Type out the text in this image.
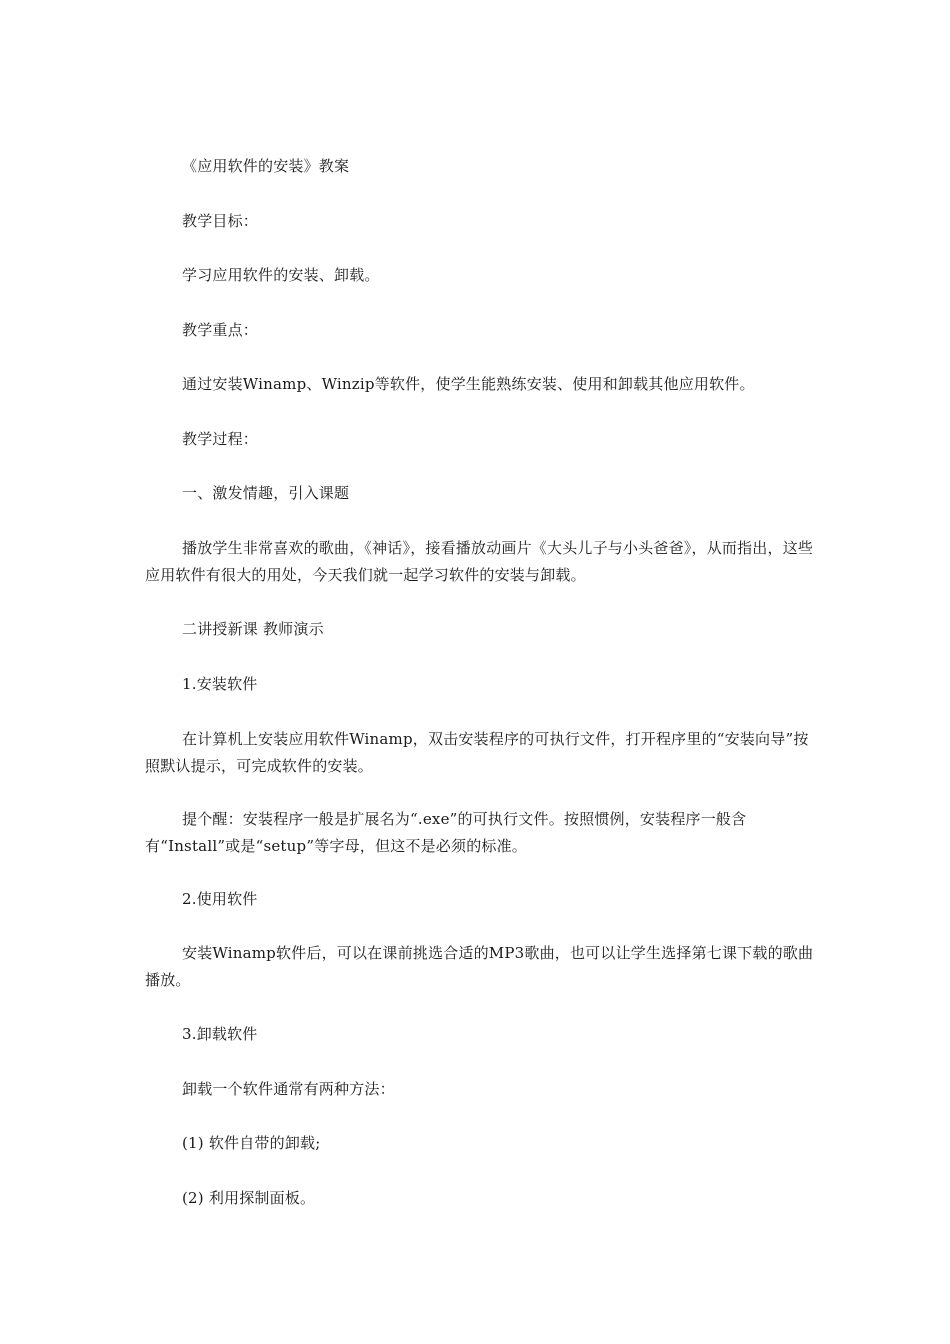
《应用软件的安装》教案

教学目标：

学习应用软件的安装、卸载。

教学重点：

通过安装Winamp、Winzip等软件，使学生能熟练安装、使用和卸载其他应用软件。

教学过程：

一、激发情趣，引入课题

播放学生非常喜欢的歌曲，《神话》，接看播放动画片《大头儿子与小头爸爸》，从而指出，这些应用软件有很大的用处，今天我们就一起学习软件的安装与卸载。

二讲授新课 教师演示

1.安装软件

在计算机上安装应用软件Winamp，双击安装程序的可执行文件，打开程序里的“安装向导”按照默认提示，可完成软件的安装。

提个醒：安装程序一般是扩展名为“.exe”的可执行文件。按照惯例，安装程序一般含有“Install”或是“setup”等字母，但这不是必须的标准。

2.使用软件

安装Winamp软件后，可以在课前挑选合适的MP3歌曲，也可以让学生选择第七课下载的歌曲播放。

3.卸载软件

卸载一个软件通常有两种方法：

(1) 软件自带的卸载;

(2) 利用探制面板。
